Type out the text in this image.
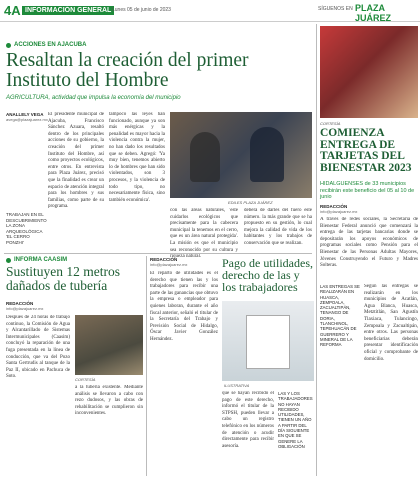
4A INFORMACIÓN GENERAL Lunes 05 de junio de 2023	SÍGUENOS EN PLAZA JUÁREZ
ACCIONES EN AJACUBA
Resaltan la creación del primer Instituto del Hombre
AGRICULTURA, actividad que impulsa la economía del municipio
ANALLELY VEGA
avega@plazajuarez.mx
TRABAJAN EN EL DESCUBRIMIENTO LA ZONA ARQUEOLÓGICA 'EL CERRO PONZHI'
El presidente municipal de Ajacuba, Francisco Sánchez Azuara, resaltó dentro de los principales acciones de su gobierno, la creación del primer Instituto del Hombre, así como proyectos ecológicos, entre otros. En entrevista para Plaza Juárez, precisó que la finalidad es crear un espacio de atención integral para los hombres y sus familias, como parte de su programa.
tampoco las leyes han funcionado, aunque ya son más enérgicas y la penalidad es mayor hacia la violencia contra la mujer, no han dado los resultados que se deben. Agregó: 'Ya muy bien, tenemos abierto lo de hombres que han sido violentados, son 3 procesos, y la violencia de todo tipo, no necesariamente física, sino también económica'.	EDILES PLAZA JUÁREZ
con las áreas naturales, 'este cuidarlos ecológicos que precisamente para la cabecera municipal la tenemos en el cerro, que es un área natural protegida'. La misión es que el municipio sea reconocido por su cultura y riqueza natural.
deberá de dárles del fuero este número. la más grande que se ha propuesto en su gestión, lo cual mejora la calidad de vida de los habitantes y los trabajos de conservación que se realizan.
INFORMA CAASIM
Sustituyen 12 metros dañados de tubería
REDACCIÓN
info@plazajuarez.mx
Después de 24 horas de trabajo continuo, la Comisión de Agua y Alcantarillado de Sistemas Intermunicipales (Caasim) concluyó la reparación de una fuga presentada en la línea de conducción, que va del Pozo Santa Gertrudis al tanque de la Paz II, ubicado en Pachuca de Soto.
CORTESÍA
a la tubería existente. Mediante análisis se llevaron a cabo con rezo dudosos, y las obras de rehabilitación se cumplieron sin inconvenientes.
REDACCIÓN
info@plazajuarez.mx
El reparto de utilidades es el derecho que tienen las y los trabajadores para recibir una parte de las ganancias que obtuvo la empresa o empleador para quienes laboran, durante el año fiscal anterior, señaló el titular de la Secretaría del Trabajo y Previsión Social de Hidalgo, Óscar Javier González Hernández.
Pago de utilidades, derecho de las y los trabajadores
ILUSTRATIVA
que se hayan recibido el pago de este derecho, informó el titular de la STPSH, pueden llevar a cabo un registro telefónico en los números de atención o acudir directamente para recibir asesoría.
LAS Y LOS TRABAJADORES NO HAYAN RECIBIDO UTILIDADES, TIENEN UN AÑO A PARTIR DEL DÍA SIGUIENTE EN QUE SE GENERE LA OBLIGACIÓN
CORTESÍA
COMIENZA ENTREGA DE TARJETAS DEL BIENESTAR 2023
HIDALGUENSES de 33 municipios recibirán este beneficio del 05 al 10 de junio
REDACCIÓN
info@plazajuarez.mx
A través de redes sociales, la Secretaría de Bienestar Federal anunció que comenzará la entrega de las tarjetas bancarias donde se depositarán los apoyos económicos de programas sociales como Pensión para el Bienestar de las Personas Adultas Mayores, Jóvenes Construyendo el Futuro y Madres Solteras.
LAS ENTREGAS SE REALIZARÁN EN HUASCA, ZEMPOALA, ZACUALTIPÁN, TENANGO DE DORIA, TLANCHINOL, TEPEHUACÁN DE GUERRERO Y MINERAL DE LA REFORMA
Según las entregas se realizarán en los municipios de Acatlán, Agua Blanca, Huasca, Metztitlán, San Agustín Tlaxiaca, Tulancingo, Zempoala y Zacualtipán, entre otros. Las personas beneficiarias deberán presentar identificación oficial y comprobante de domicilio.
